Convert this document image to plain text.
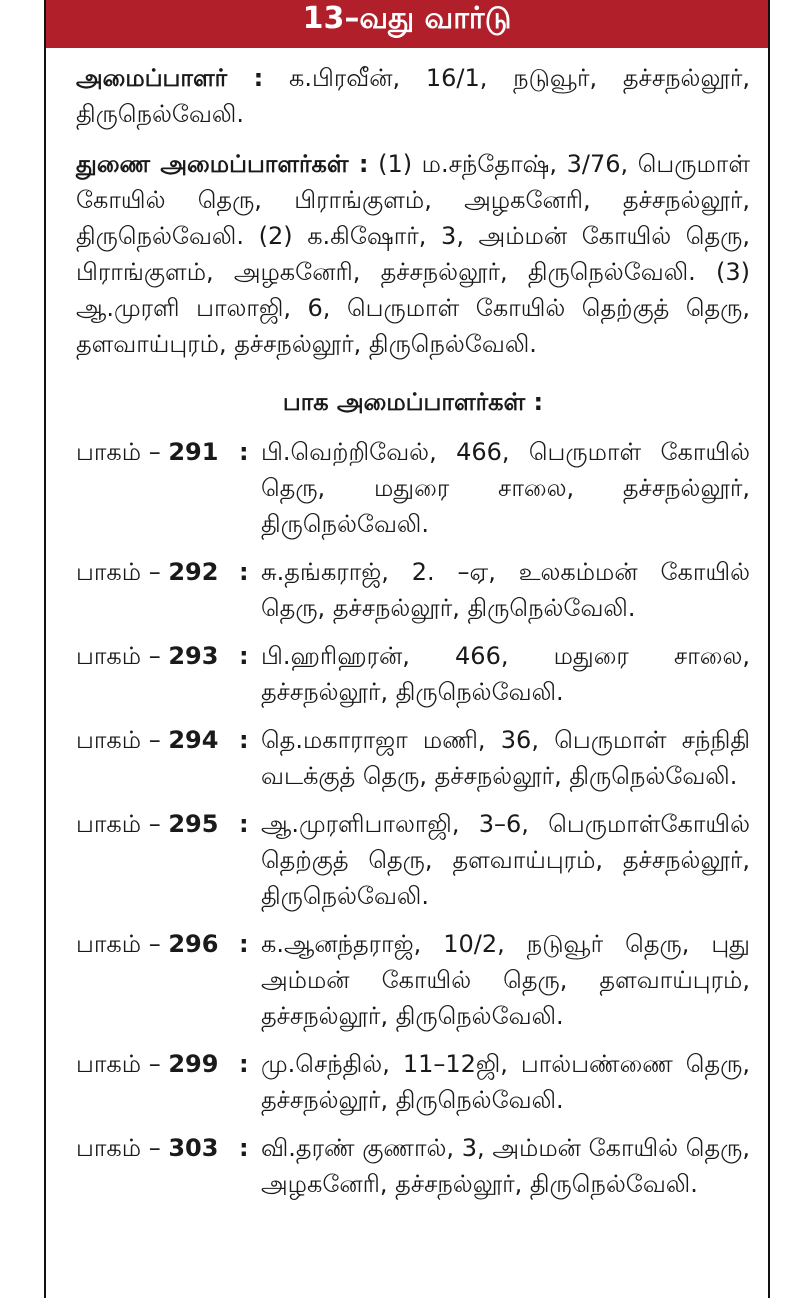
13–வது வார்டு

அமைப்பாளர் : க.பிரவீன், 16/1, நடுவூர், தச்சநல்லூர், திருநெல்வேலி.

துணை அமைப்பாளர்கள் : (1) ம.சந்தோஷ், 3/76, பெருமாள் கோயில் தெரு, பிராங்குளம், அழகனேரி, தச்சநல்லூர், திருநெல்வேலி. (2) க.கிஷோர், 3, அம்மன் கோயில் தெரு, பிராங்குளம், அழகனேரி, தச்சநல்லூர், திருநெல்வேலி. (3) ஆ.முரளி பாலாஜி, 6, பெருமாள் கோயில் தெற்குத் தெரு, தளவாய்புரம், தச்சநல்லூர், திருநெல்வேலி.

பாக அமைப்பாளர்கள் :
பாகம் – 291 : பி.வெற்றிவேல், 466, பெருமாள் கோயில் தெரு, மதுரை சாலை, தச்சநல்லூர், திருநெல்வேலி.
பாகம் – 292 : சு.தங்கராஜ், 2. –ஏ, உலகம்மன் கோயில் தெரு, தச்சநல்லூர், திருநெல்வேலி.
பாகம் – 293 : பி.ஹரிஹரன், 466, மதுரை சாலை, தச்சநல்லூர், திருநெல்வேலி.
பாகம் – 294 : தெ.மகாராஜா மணி, 36, பெருமாள் சந்நிதி வடக்குத் தெரு, தச்சநல்லூர், திருநெல்வேலி.
பாகம் – 295 : ஆ.முரளிபாலாஜி, 3–6, பெருமாள்கோயில் தெற்குத் தெரு, தளவாய்புரம், தச்சநல்லூர், திருநெல்வேலி.
பாகம் – 296 : க.ஆனந்தராஜ், 10/2, நடுவூர் தெரு, புது அம்மன் கோயில் தெரு, தளவாய்புரம், தச்சநல்லூர், திருநெல்வேலி.
பாகம் – 299 : மு.செந்தில், 11–12ஜி, பால்பண்ணை தெரு, தச்சநல்லூர், திருநெல்வேலி.
பாகம் – 303 : வி.தரண் குணால், 3, அம்மன் கோயில் தெரு, அழகனேரி, தச்சநல்லூர், திருநெல்வேலி.
